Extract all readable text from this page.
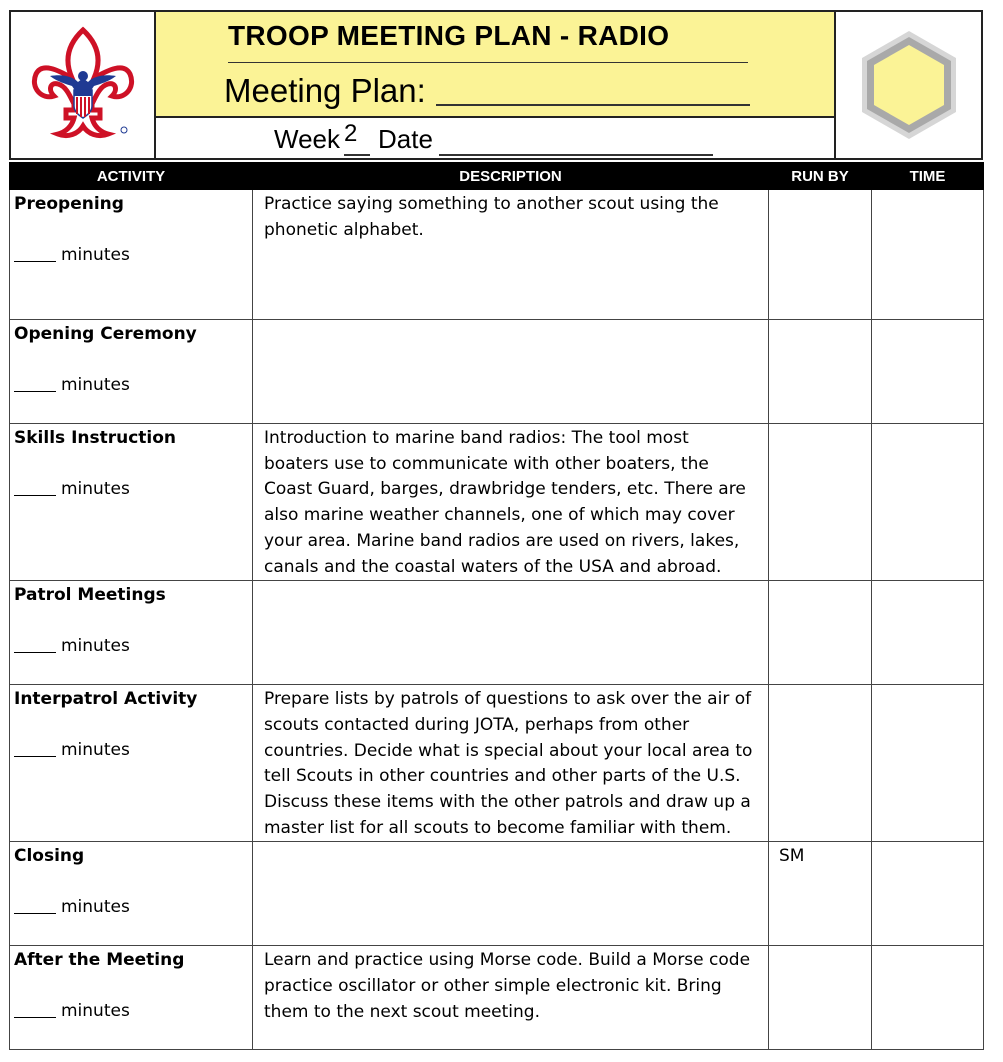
TROOP MEETING PLAN - RADIO
Meeting Plan:
Week 2 Date
ACTIVITY	DESCRIPTION	RUN BY	TIME

Preopening
minutes	Practice saying something to another scout using the phonetic alphabet.		

Opening Ceremony
minutes			

Skills Instruction
minutes	Introduction to marine band radios: The tool most boaters use to communicate with other boaters, the Coast Guard, barges, drawbridge tenders, etc. There are also marine weather channels, one of which may cover your area. Marine band radios are used on rivers, lakes, canals and the coastal waters of the USA and abroad.		

Patrol Meetings
minutes			

Interpatrol Activity
minutes	Prepare lists by patrols of questions to ask over the air of scouts contacted during JOTA, perhaps from other countries. Decide what is special about your local area to tell Scouts in other countries and other parts of the U.S. Discuss these items with the other patrols and draw up a master list for all scouts to become familiar with them.		

Closing
minutes		SM	

After the Meeting
minutes	Learn and practice using Morse code. Build a Morse code practice oscillator or other simple electronic kit. Bring them to the next scout meeting.		
